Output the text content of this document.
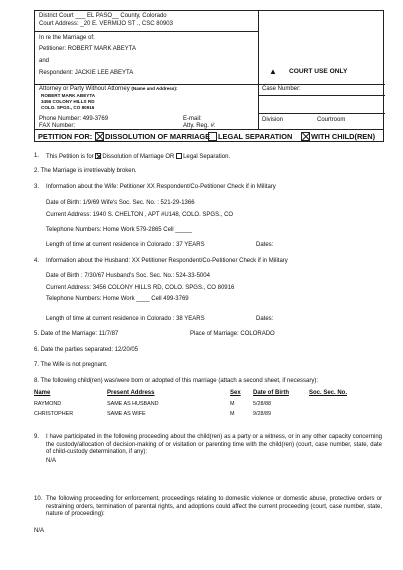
District Court ___ EL PASO__ County, Colorado
Court Address: _20 E. VERMIJO ST ., CSC 80903
In re the Marriage of:
Petitioner: ROBERT MARK ABEYTA
and
Respondent: JACKIE LEE ABEYTA
Attorney or Party Without Attorney (Name and Address):
ROBERT MARK ABEYTA
3456 COLONY HILLS RD
COLO. SPGS., CO 80916
Phone Number: 499-3769	E-mail:
FAX Number:	Atty. Reg. #:
▲ COURT USE ONLY
Case Number:
Division	Courtroom
PETITION FOR:	DISSOLUTION OF MARRIAGE	LEGAL SEPARATION	WITH CHILD(REN)
1. This Petition is for Dissolution of Marriage OR Legal Separation.
2. The Marriage is irretrievably broken.
3. Information about the Wife: Petitioner XX Respondent/Co-Petitioner Check if in Military
Date of Birth: 1/9/69 Wife's Soc. Sec. No. : 521-29-1366
Current Address: 1940 S. CHELTON , APT #U148, COLO. SPGS., CO
Telephone Numbers: Home Work 579-2865 Cell _____
Length of time at current residence in Colorado : 37 YEARS	Dates:
4. Information about the Husband: XX Petitioner Respondent/Co-Petitioner Check if in Military
Date of Birth : 7/30/67 Husband's Soc. Sec. No.: 524-33-5004
Current Address: 3456 COLONY HILLS RD, COLO. SPGS., CO 80916
Telephone Numbers: Home Work ____ Cell 499-3769
Length of time at current residence in Colorado : 38 YEARS	Dates:
5. Date of the Marriage: 11/7/87	Place of Marriage: COLORADO
6. Date the parties separated: 12/20/05
7. The Wife is not pregnant.
8. The following child(ren) was/were born or adopted of this marriage (attach a second sheet, if necessary):
Name	Present Address	Sex Date of Birth	Soc. Sec. No.
RAYMOND	SAME AS HUSBAND	M	5/28/88
CHRISTOPHER	SAME AS WIFE	M	9/28/89
9. I have participated in the following proceeding about the child(ren) as a party or a witness, or in any other capacity concerning the custody/allocation of decision-making of or visitation or parenting time with the child(ren) (court, case number, state, date of child-custody determination, if any):
N/A
10. The following proceeding for enforcement, proceedings relating to domestic violence or domestic abuse, protective orders or restraining orders, termination of parental rights, and adoptions could affect the current proceeding (court, case number, state, nature of proceeding):
N/A
